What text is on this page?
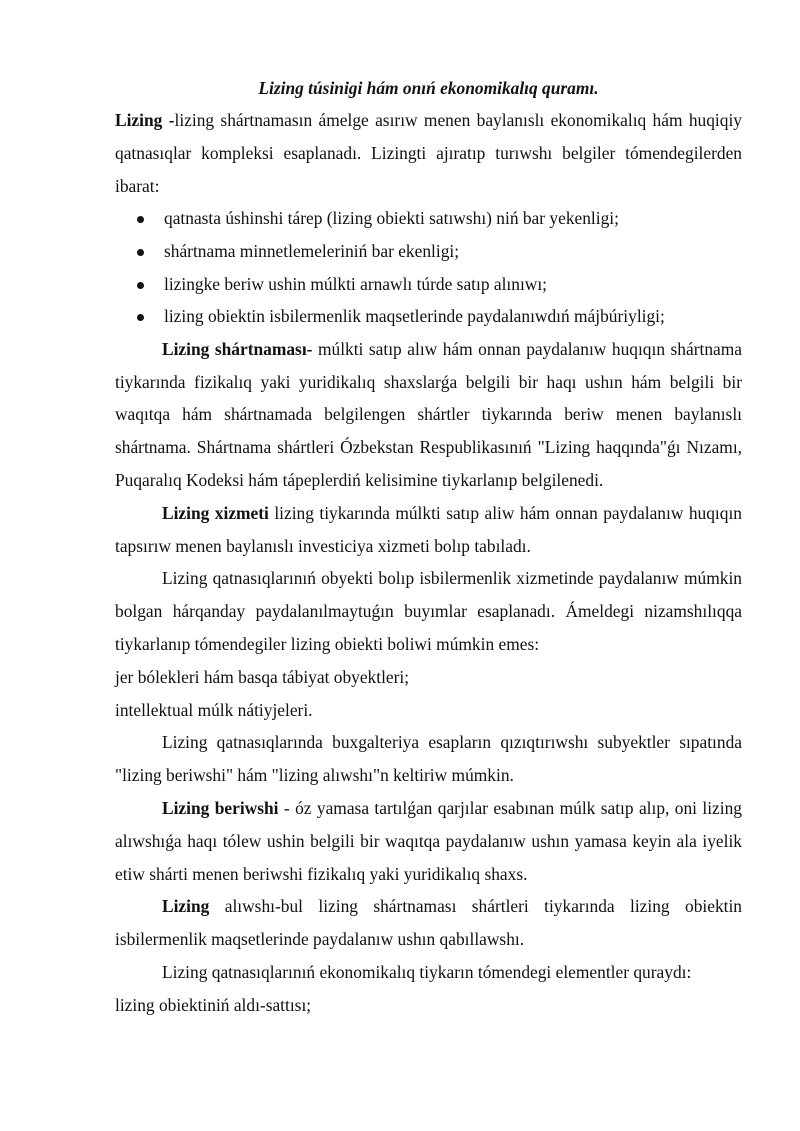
Lizing túsinigi hám onıń ekonomikalıq quramı.

Lizing -lizing shártnamasın ámelge asırıw menen baylanıslı ekonomikalıq hám huqiqiy qatnasıqlar kompleksi esaplanadı. Lizingti ajıratıp turıwshı belgiler tómendegilerden ibarat:

qatnasta úshinshi tárep (lizing obiekti satıwshı) niń bar yekenligi;
shártnama minnetlemeleriniń bar ekenligi;
lizingke beriw ushin múlkti arnawlı túrde satıp alınıwı;
lizing obiektin isbilermenlik maqsetlerinde paydalanıwdıń májbúriyligi;

Lizing shártnaması- múlkti satıp alıw hám onnan paydalanıw huqıqın shártnama tiykarında fizikalıq yaki yuridikalıq shaxslarǵa belgili bir haqı ushın hám belgili bir waqıtqa hám shártnamada belgilengen shártler tiykarında beriw menen baylanıslı shártnama. Shártnama shártleri Ózbekstan Respublikasınıń "Lizing haqqında"ǵı Nızamı, Puqaralıq Kodeksi hám tápeplerdiń kelisimine tiykarlanıp belgilenedi.

Lizing xizmeti lizing tiykarında múlkti satıp aliw hám onnan paydalanıw huqıqın tapsırıw menen baylanıslı investiciya xizmeti bolıp tabıladı.

Lizing qatnasıqlarınıń obyekti bolıp isbilermenlik xizmetinde paydalanıw múmkin bolgan hárqanday paydalanılmaytuǵın buyımlar esaplanadı. Ámeldegi nizamshılıqqa tiykarlanıp tómendegiler lizing obiekti boliwi múmkin emes:

jer bólekleri hám basqa tábiyat obyektleri;

intellektual múlk nátiyjeleri.

Lizing qatnasıqlarında buxgalteriya esapların qızıqtırıwshı subyektler sıpatında "lizing beriwshi" hám "lizing alıwshı"n keltiriw múmkin.

Lizing beriwshi - óz yamasa tartılǵan qarjılar esabınan múlk satıp alıp, oni lizing alıwshıǵa haqı tólew ushin belgili bir waqıtqa paydalanıw ushın yamasa keyin ala iyelik etiw shárti menen beriwshi fizikalıq yaki yuridikalıq shaxs.

Lizing alıwshı-bul lizing shártnaması shártleri tiykarında lizing obiektin isbilermenlik maqsetlerinde paydalanıw ushın qabıllawshı.

Lizing qatnasıqlarınıń ekonomikalıq tiykarın tómendegi elementler quraydı:

lizing obiektiniń aldı-sattısı;
